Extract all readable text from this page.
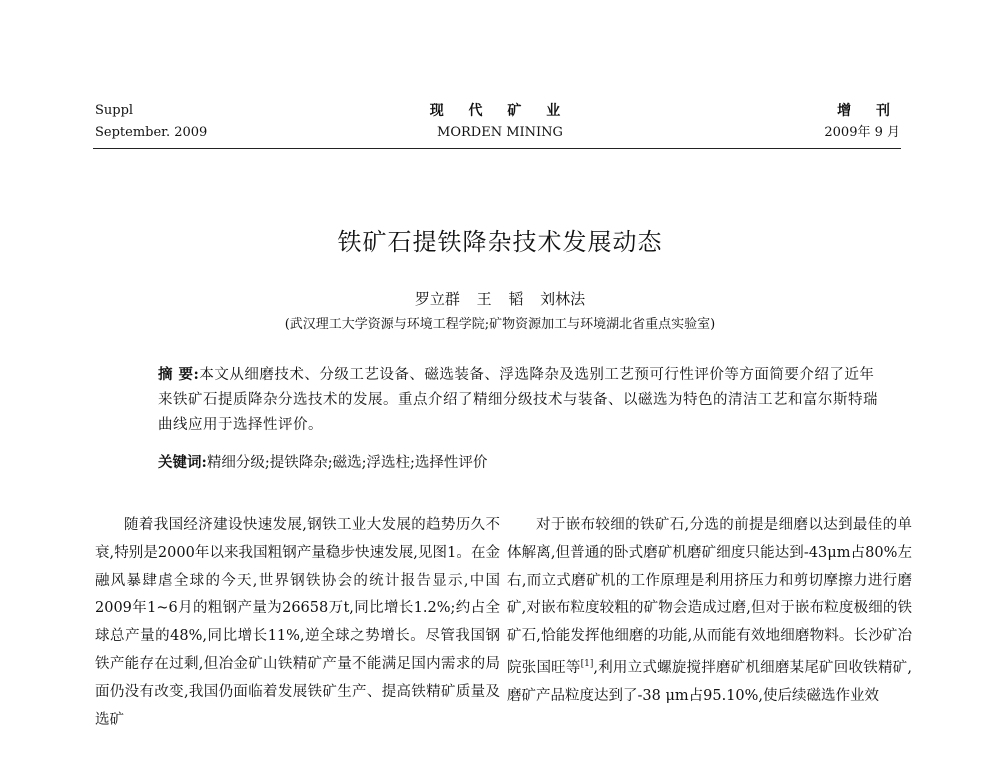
Suppl
September. 2009
现 代 矿 业
MORDEN MINING
增 刊
2009年 9 月
铁矿石提铁降杂技术发展动态
罗立群 王 韬 刘林法
(武汉理工大学资源与环境工程学院;矿物资源加工与环境湖北省重点实验室)
摘 要:本文从细磨技术、分级工艺设备、磁选装备、浮选降杂及选别工艺预可行性评价等方面简要介绍了近年来铁矿石提质降杂分选技术的发展。重点介绍了精细分级技术与装备、以磁选为特色的清洁工艺和富尔斯特瑞曲线应用于选择性评价。
关键词:精细分级;提铁降杂;磁选;浮选柱;选择性评价

随着我国经济建设快速发展,钢铁工业大发展的趋势历久不衰,特别是2000年以来我国粗钢产量稳步快速发展,见图1。在金融风暴肆虐全球的今天,世界钢铁协会的统计报告显示,中国2009年1~6月的粗钢产量为26658万t,同比增长1.2%;约占全球总产量的48%,同比增长11%,逆全球之势增长。尽管我国钢铁产能存在过剩,但冶金矿山铁精矿产量不能满足国内需求的局面仍没有改变,我国仍面临着发展铁矿生产、提高铁精矿质量及选矿

对于嵌布较细的铁矿石,分选的前提是细磨以达到最佳的单体解离,但普通的卧式磨矿机磨矿细度只能达到-43μm占80%左右,而立式磨矿机的工作原理是利用挤压力和剪切摩擦力进行磨矿,对嵌布粒度较粗的矿物会造成过磨,但对于嵌布粒度极细的铁矿石,恰能发挥他细磨的功能,从而能有效地细磨物料。长沙矿冶院张国旺等[1],利用立式螺旋搅拌磨矿机细磨某尾矿回收铁精矿,磨矿产品粒度达到了-38 μm占95.10%,使后续磁选作业效
